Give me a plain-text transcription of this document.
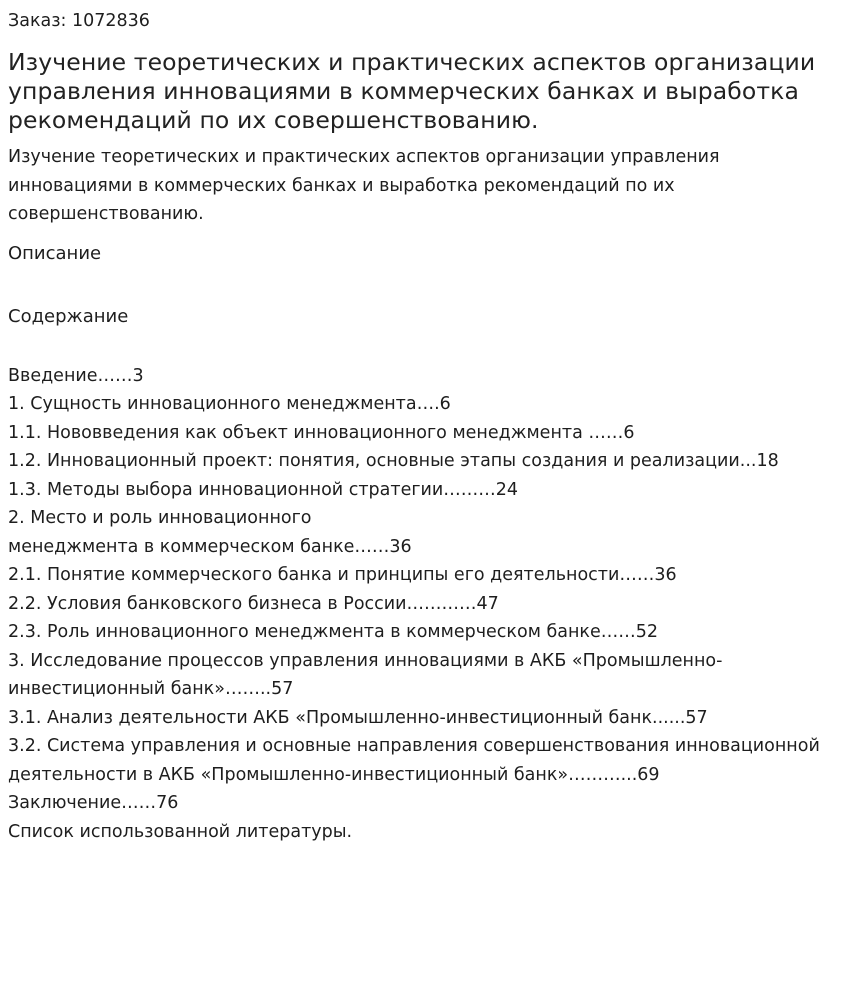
Заказ: 1072836
Изучение теоретических и практических аспектов организации управления инновациями в коммерческих банках и выработка рекомендаций по их совершенствованию.
Изучение теоретических и практических аспектов организации управления инновациями в коммерческих банках и выработка рекомендаций по их совершенствованию.
Описание
Содержание
Введение……3
1. Сущность инновационного менеджмента….6
1.1. Нововведения как объект инновационного менеджмента ……6
1.2. Инновационный проект: понятия, основные этапы создания и реализации...18
1.3. Методы выбора инновационной стратегии………24
2. Место и роль инновационного
менеджмента в коммерческом банке……36
2.1. Понятие коммерческого банка и принципы его деятельности……36
2.2. Условия банковского бизнеса в России…………47
2.3. Роль инновационного менеджмента в коммерческом банке……52
3. Исследование процессов управления инновациями в АКБ «Промышленно-инвестиционный банк»……..57
3.1. Анализ деятельности АКБ «Промышленно-инвестиционный банк......57
3.2. Система управления и основные направления совершенствования инновационной деятельности в АКБ «Промышленно-инвестиционный банк»………...69
Заключение……76
Список использованной литературы.
